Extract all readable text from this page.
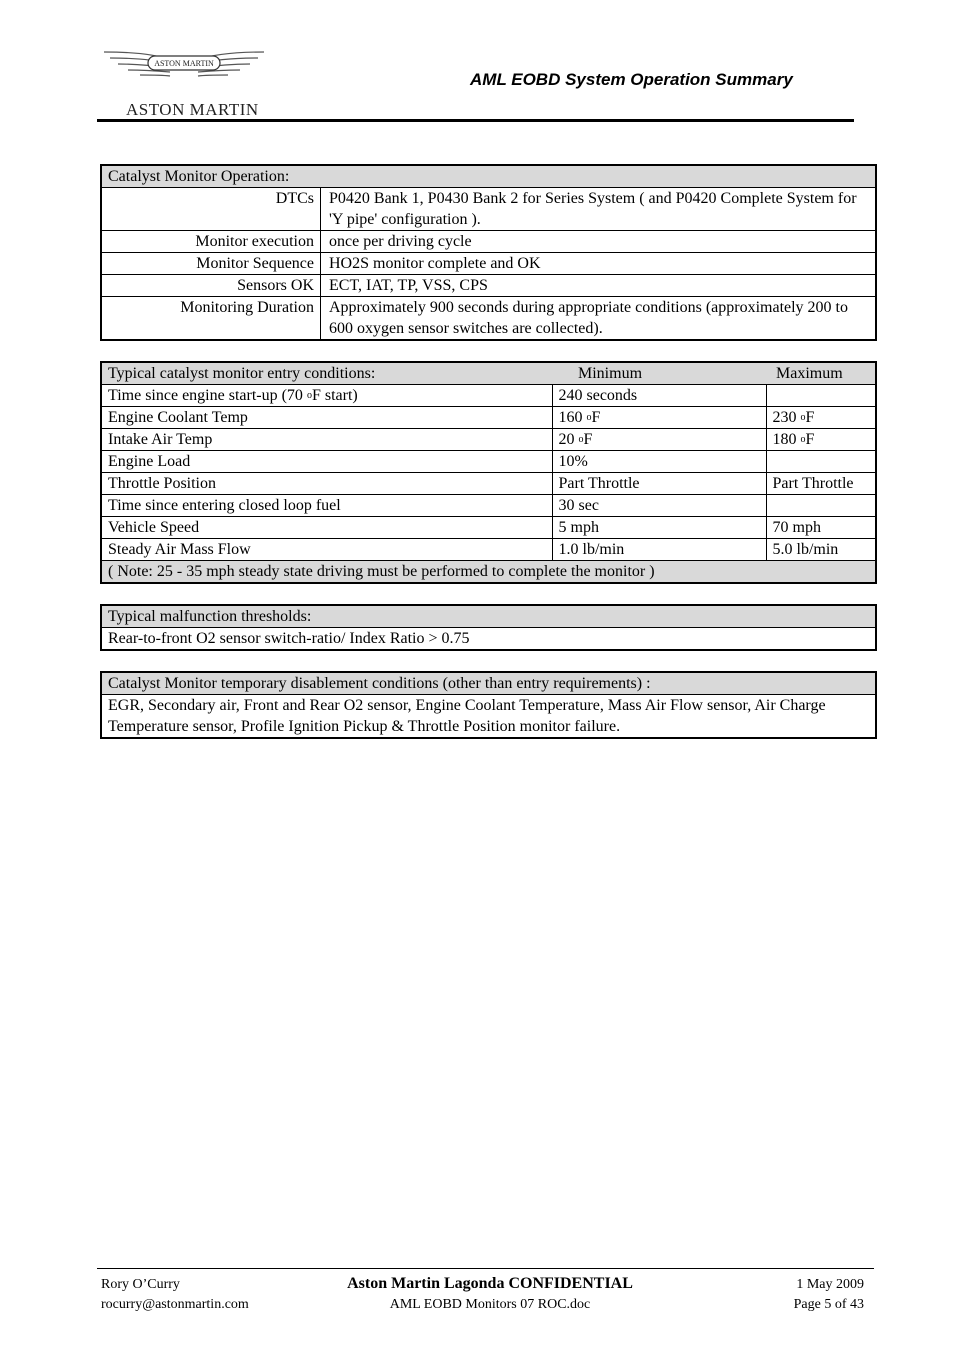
ASTON MARTIN
ASTON MARTIN
AML EOBD System Operation Summary
Catalyst Monitor Operation:	
DTCs	P0420 Bank 1, P0430 Bank 2 for Series System ( and P0420 Complete System for 'Y pipe' configuration ).
Monitor execution	once per driving cycle
Monitor Sequence	HO2S monitor complete and OK
Sensors OK	ECT, IAT, TP, VSS, CPS
Monitoring Duration	Approximately 900 seconds during appropriate conditions (approximately 200 to 600 oxygen sensor switches are collected).
Typical catalyst monitor entry conditions:	Minimum	Maximum
Time since engine start-up (70 $^o$F start)	240 seconds	
Engine Coolant Temp	160 $^o$F	230 $^o$F
Intake Air Temp	20 $^o$F	180 $^o$F
Engine Load	10%	
Throttle Position	Part Throttle	Part Throttle
Time since entering closed loop fuel	30 sec	
Vehicle Speed	5 mph	70 mph
Steady Air Mass Flow	1.0 lb/min	5.0 lb/min
( Note: 25 - 35 mph steady state driving must be performed to complete the monitor )		
Typical malfunction thresholds:
Rear-to-front O2 sensor switch-ratio/ Index Ratio > 0.75
Catalyst Monitor temporary disablement conditions (other than entry requirements) :
EGR, Secondary air, Front and Rear O2 sensor, Engine Coolant Temperature, Mass Air Flow sensor, Air Charge Temperature sensor, Profile Ignition Pickup & Throttle Position monitor failure.
Rory O’Curry
rocurry@astonmartin.com
Aston Martin Lagonda CONFIDENTIAL
AML EOBD Monitors 07 ROC.doc
1 May 2009
Page 5 of 43
